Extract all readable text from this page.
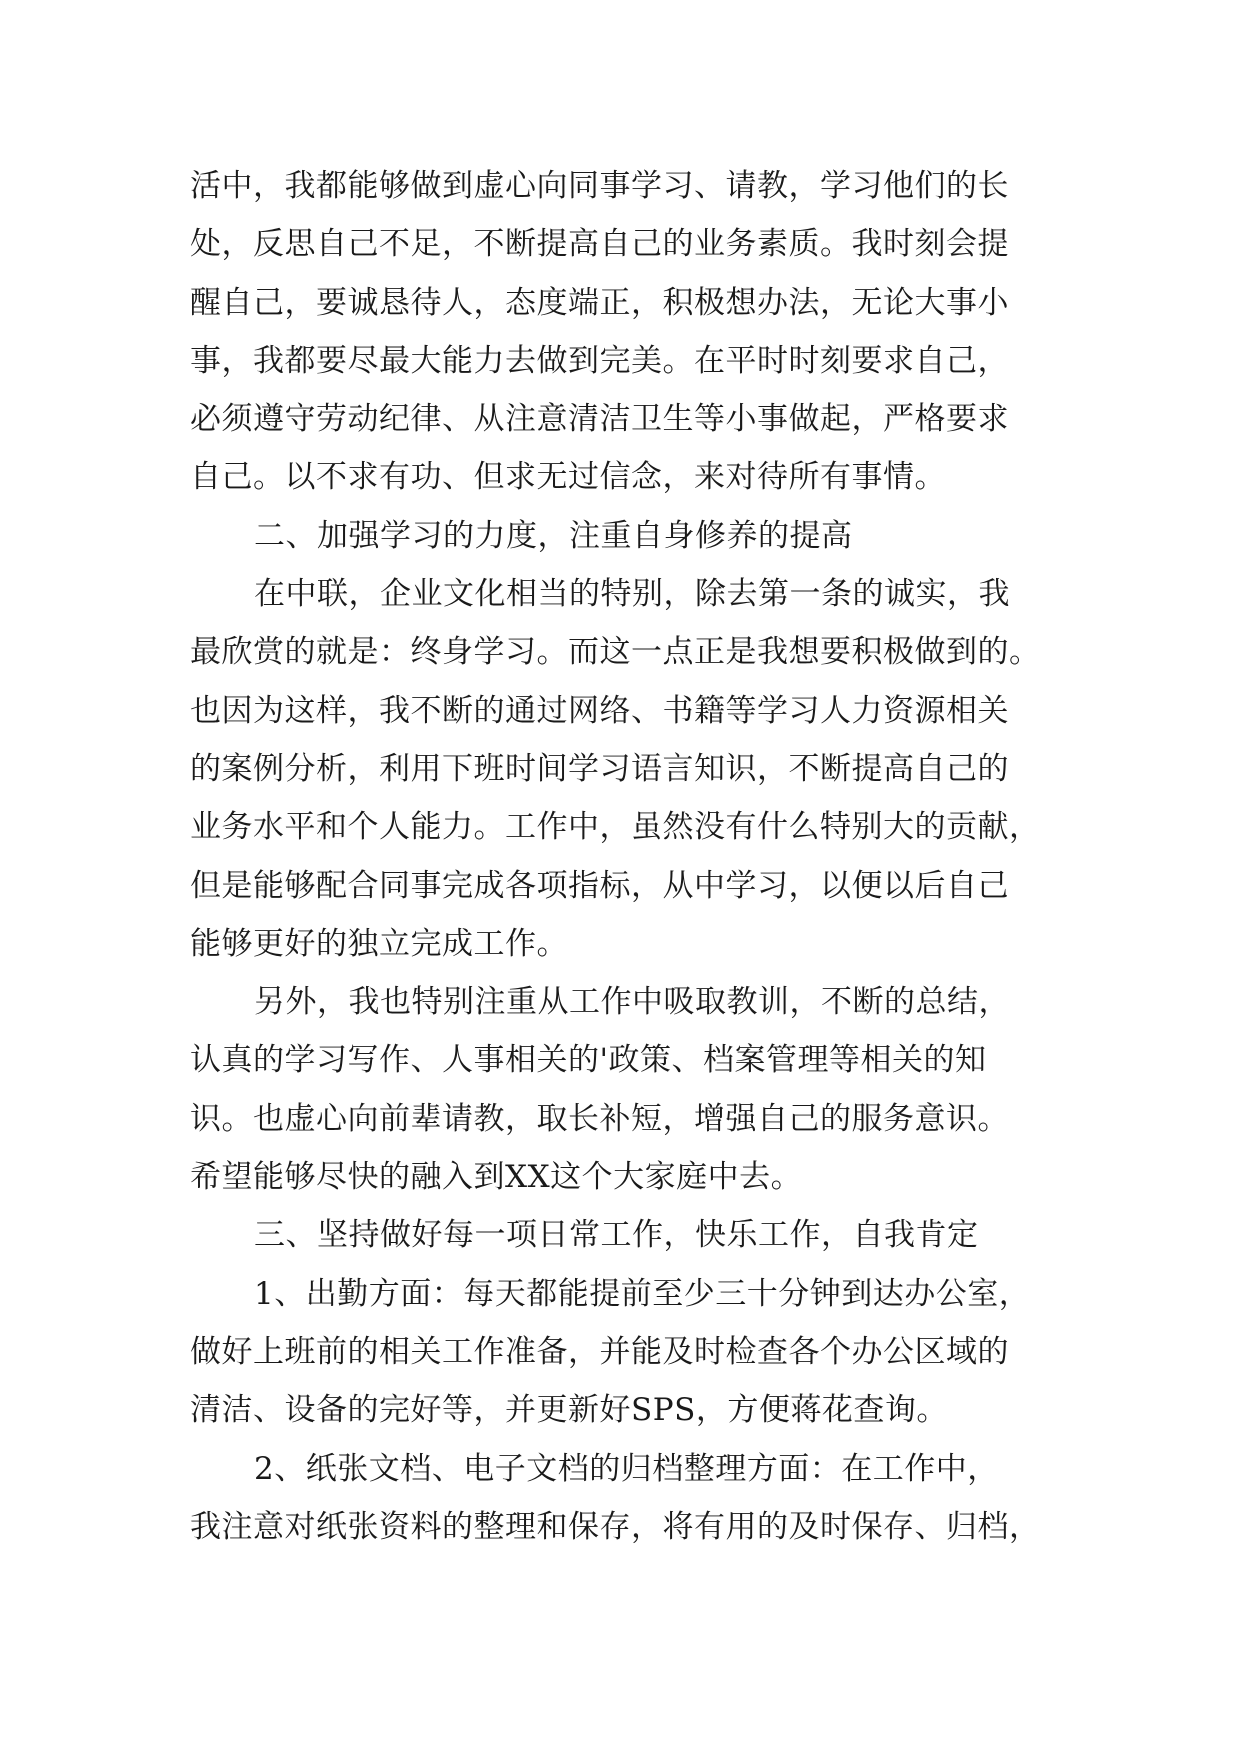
活中，我都能够做到虚心向同事学习、请教，学习他们的长
处，反思自己不足，不断提高自己的业务素质。我时刻会提
醒自己，要诚恳待人，态度端正，积极想办法，无论大事小
事，我都要尽最大能力去做到完美。在平时时刻要求自己，
必须遵守劳动纪律、从注意清洁卫生等小事做起，严格要求
自己。以不求有功、但求无过信念，来对待所有事情。
二、加强学习的力度，注重自身修养的提高
在中联，企业文化相当的特别，除去第一条的诚实，我
最欣赏的就是：终身学习。而这一点正是我想要积极做到的。
也因为这样，我不断的通过网络、书籍等学习人力资源相关
的案例分析，利用下班时间学习语言知识，不断提高自己的
业务水平和个人能力。工作中，虽然没有什么特别大的贡献，
但是能够配合同事完成各项指标，从中学习，以便以后自己
能够更好的独立完成工作。
另外，我也特别注重从工作中吸取教训，不断的总结，
认真的学习写作、人事相关的'政策、档案管理等相关的知
识。也虚心向前辈请教，取长补短，增强自己的服务意识。
希望能够尽快的融入到XX这个大家庭中去。
三、坚持做好每一项日常工作，快乐工作，自我肯定
1、出勤方面：每天都能提前至少三十分钟到达办公室，
做好上班前的相关工作准备，并能及时检查各个办公区域的
清洁、设备的完好等，并更新好SPS，方便蒋花查询。
2、纸张文档、电子文档的归档整理方面：在工作中，
我注意对纸张资料的整理和保存，将有用的及时保存、归档，
